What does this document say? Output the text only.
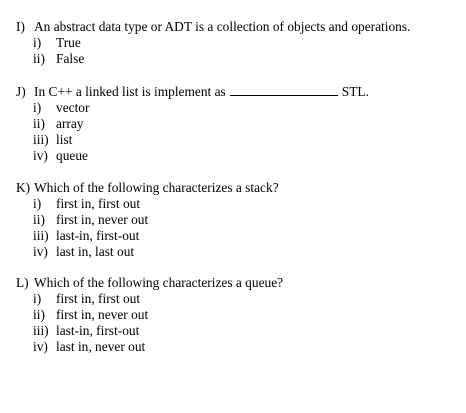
I) An abstract data type or ADT is a collection of objects and operations.
i) True
ii) False
J) In C++ a linked list is implement as	STL.
i) vector
ii) array
iii) list
iv) queue
K) Which of the following characterizes a stack?
i) first in, first out
ii) first in, never out
iii) last-in, first-out
iv) last in, last out
L) Which of the following characterizes a queue?
i) first in, first out
ii) first in, never out
iii) last-in, first-out
iv) last in, never out
